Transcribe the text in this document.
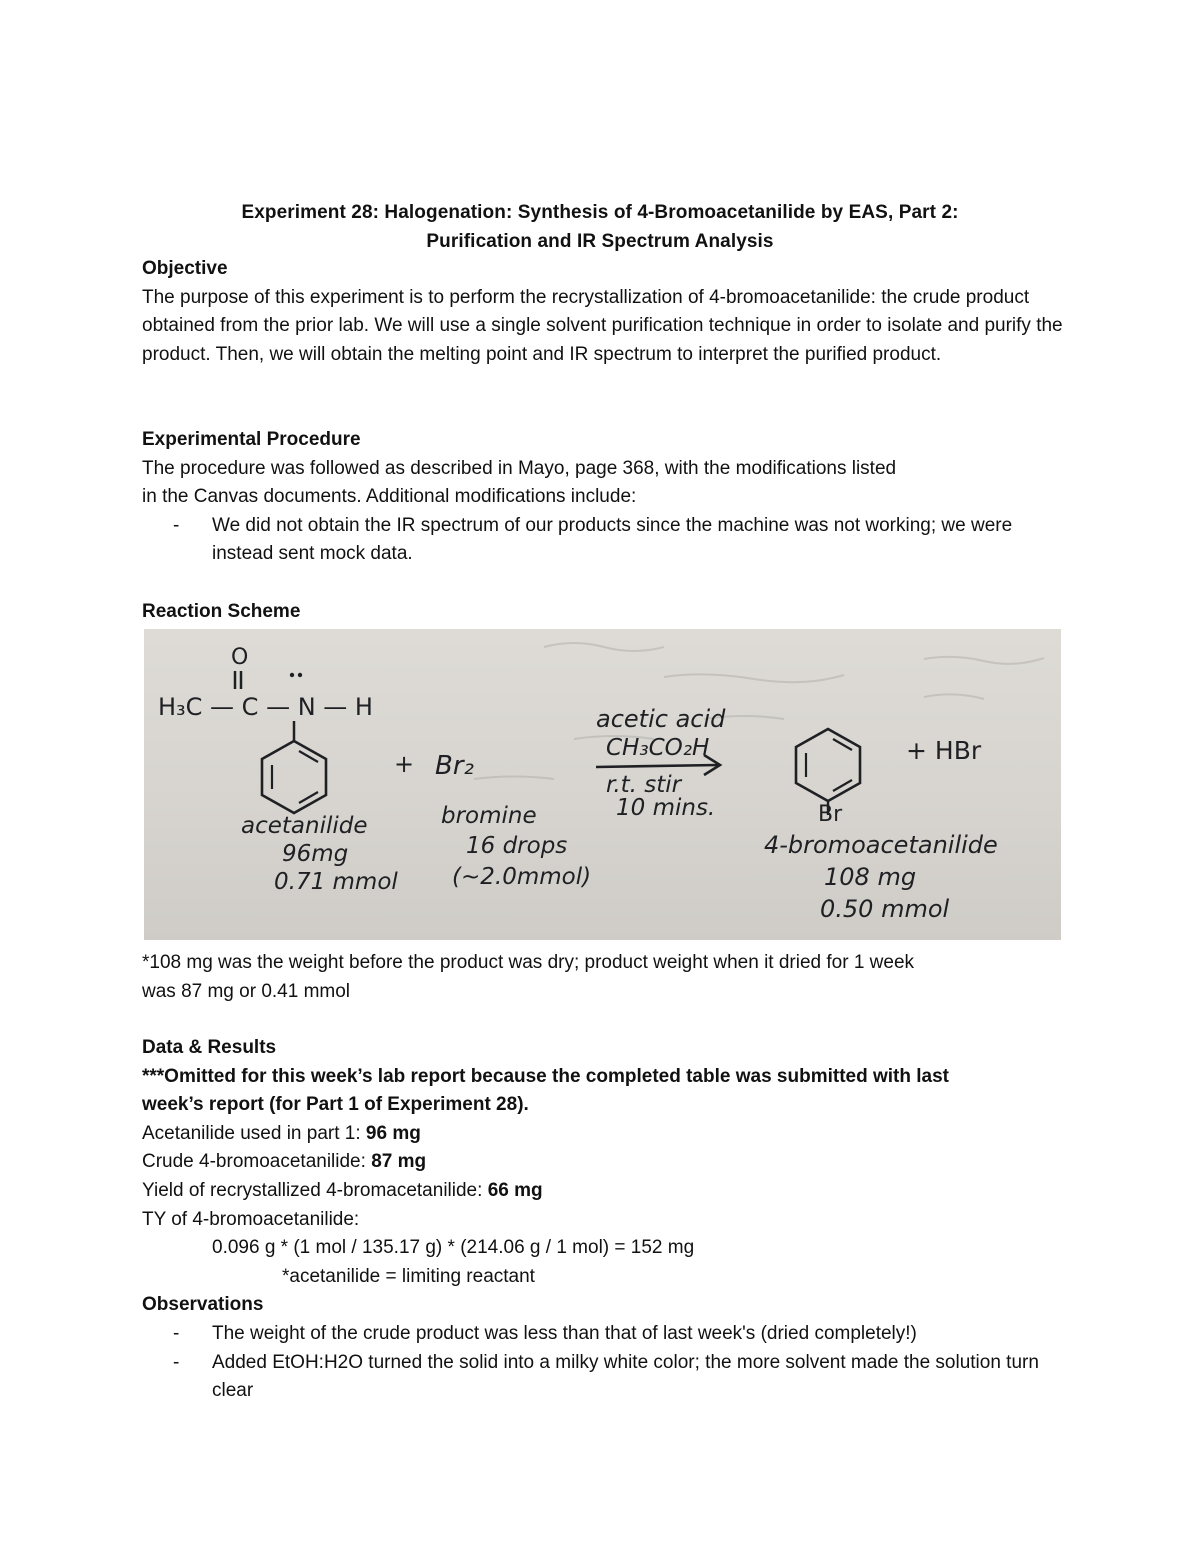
Experiment 28: Halogenation: Synthesis of 4-Bromoacetanilide by EAS, Part 2:
Purification and IR Spectrum Analysis

Objective

The purpose of this experiment is to perform the recrystallization of 4-bromoacetanilide: the crude product obtained from the prior lab. We will use a single solvent purification technique in order to isolate and purify the product. Then, we will obtain the melting point and IR spectrum to interpret the purified product.

Experimental Procedure

The procedure was followed as described in Mayo, page 368, with the modifications listed

in the Canvas documents. Additional modifications include:

- We did not obtain the IR spectrum of our products since the machine was not working; we were instead sent mock data.

Reaction Scheme

O
H₃C — C — N — H
acetanilide
96mg
0.71 mmol
+ Br₂
bromine
16 drops
(~2.0mmol)
acetic acid
CH₃CO₂H
r.t. stir
10 mins.	Br
4-bromoacetanilide
108 mg
0.50 mmol
+ HBr

*108 mg was the weight before the product was dry; product weight when it dried for 1 week

was 87 mg or 0.41 mmol

Data & Results

***Omitted for this week’s lab report because the completed table was submitted with last

week’s report (for Part 1 of Experiment 28).

Acetanilide used in part 1: 96 mg

Crude 4-bromoacetanilide: 87 mg

Yield of recrystallized 4-bromacetanilide: 66 mg

TY of 4-bromoacetanilide:

0.096 g * (1 mol / 135.17 g) * (214.06 g / 1 mol) = 152 mg

*acetanilide = limiting reactant

Observations

- The weight of the crude product was less than that of last week's (dried completely!)
- Added EtOH:H2O turned the solid into a milky white color; the more solvent made the solution turn clear
